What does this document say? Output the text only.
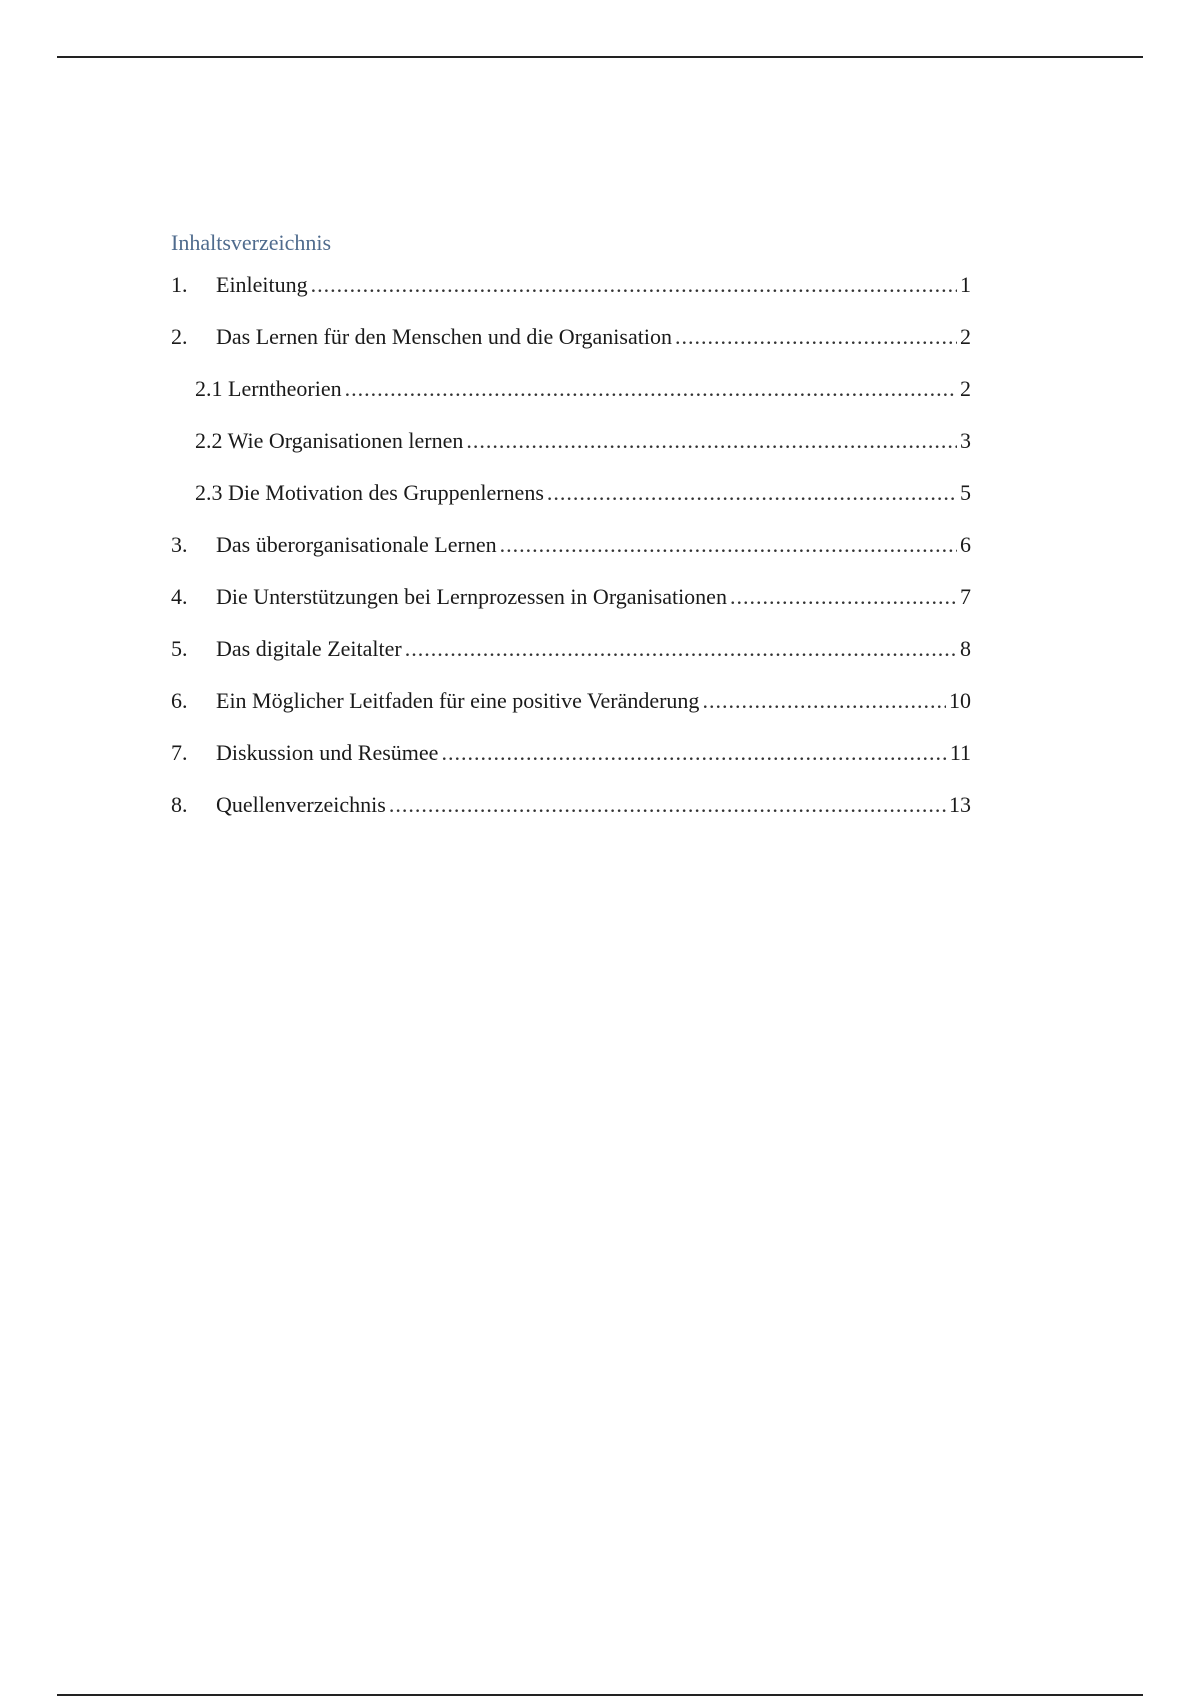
Inhaltsverzeichnis
1.	Einleitung .....	1
2.	Das Lernen für den Menschen und die Organisation .....	2
2.1 Lerntheorien .....	2
2.2 Wie Organisationen lernen .....	3
2.3 Die Motivation des Gruppenlernens .....	5
3.	Das überorganisationale Lernen .....	6
4.	Die Unterstützungen bei Lernprozessen in Organisationen .....	7
5.	Das digitale Zeitalter .....	8
6.	Ein Möglicher Leitfaden für eine positive Veränderung .....	10
7.	Diskussion und Resümee .....	11
8.	Quellenverzeichnis .....	13
